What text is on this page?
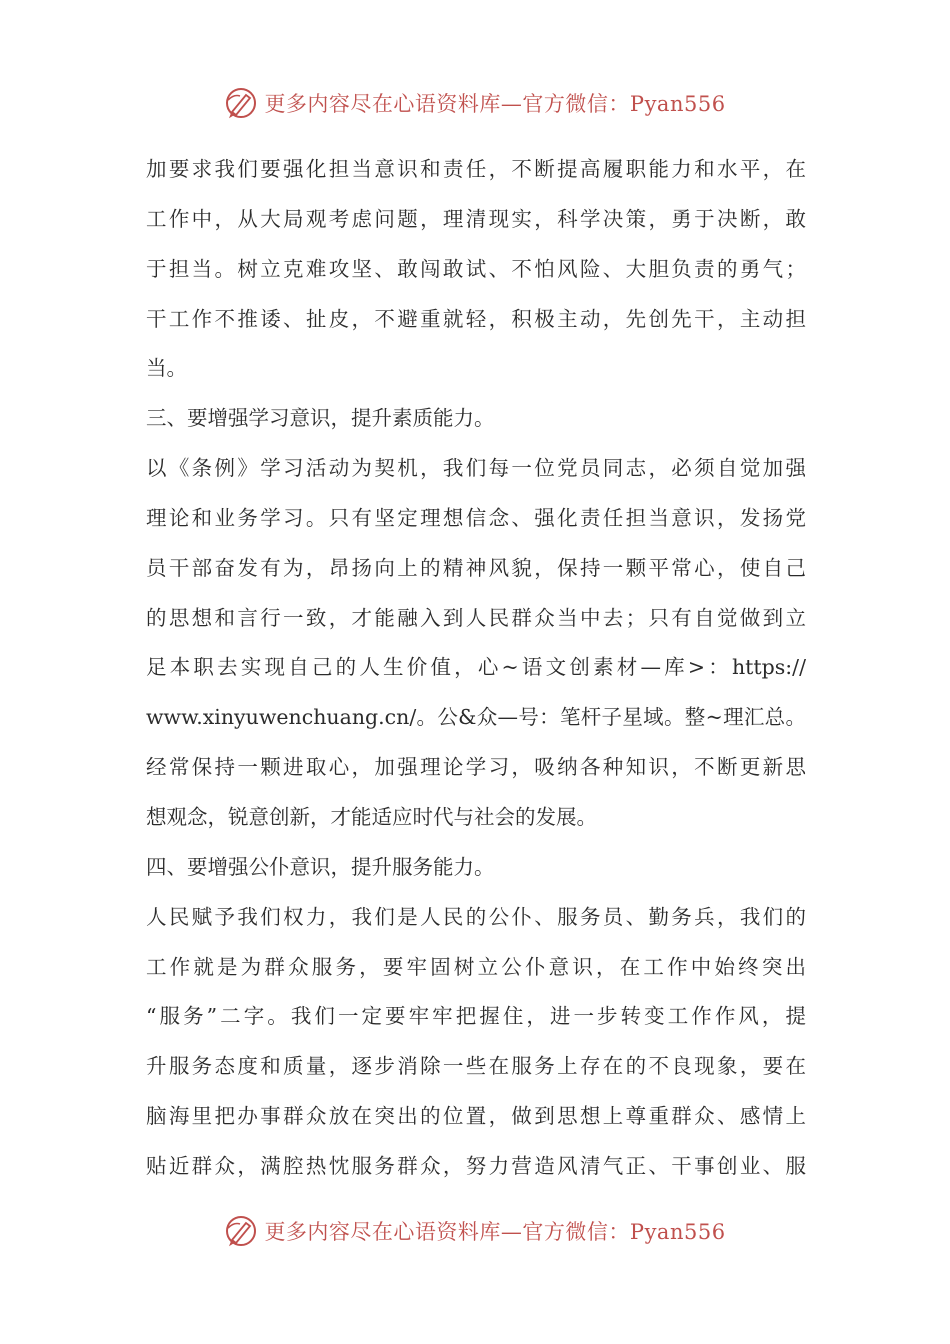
更多内容尽在心语资料库—官方微信：Pyan556
加要求我们要强化担当意识和责任，不断提高履职能力和水平，在
工作中，从大局观考虑问题，理清现实，科学决策，勇于决断，敢
于担当。树立克难攻坚、敢闯敢试、不怕风险、大胆负责的勇气；
干工作不推诿、扯皮，不避重就轻，积极主动，先创先干，主动担
当。
三、要增强学习意识，提升素质能力。
以《条例》学习活动为契机，我们每一位党员同志，必须自觉加强
理论和业务学习。只有坚定理想信念、强化责任担当意识，发扬党
员干部奋发有为，昂扬向上的精神风貌，保持一颗平常心，使自己
的思想和言行一致，才能融入到人民群众当中去；只有自觉做到立
足本职去实现自己的人生价值，心~语文创素材—库>：https://
www.xinyuwenchuang.cn/。公&众—号：笔杆子星域。整~理汇总。
经常保持一颗进取心，加强理论学习，吸纳各种知识，不断更新思
想观念，锐意创新，才能适应时代与社会的发展。
四、要增强公仆意识，提升服务能力。
人民赋予我们权力，我们是人民的公仆、服务员、勤务兵，我们的
工作就是为群众服务，要牢固树立公仆意识，在工作中始终突出
“服务”二字。我们一定要牢牢把握住，进一步转变工作作风，提
升服务态度和质量，逐步消除一些在服务上存在的不良现象，要在
脑海里把办事群众放在突出的位置，做到思想上尊重群众、感情上
贴近群众，满腔热忱服务群众，努力营造风清气正、干事创业、服
更多内容尽在心语资料库—官方微信：Pyan556
